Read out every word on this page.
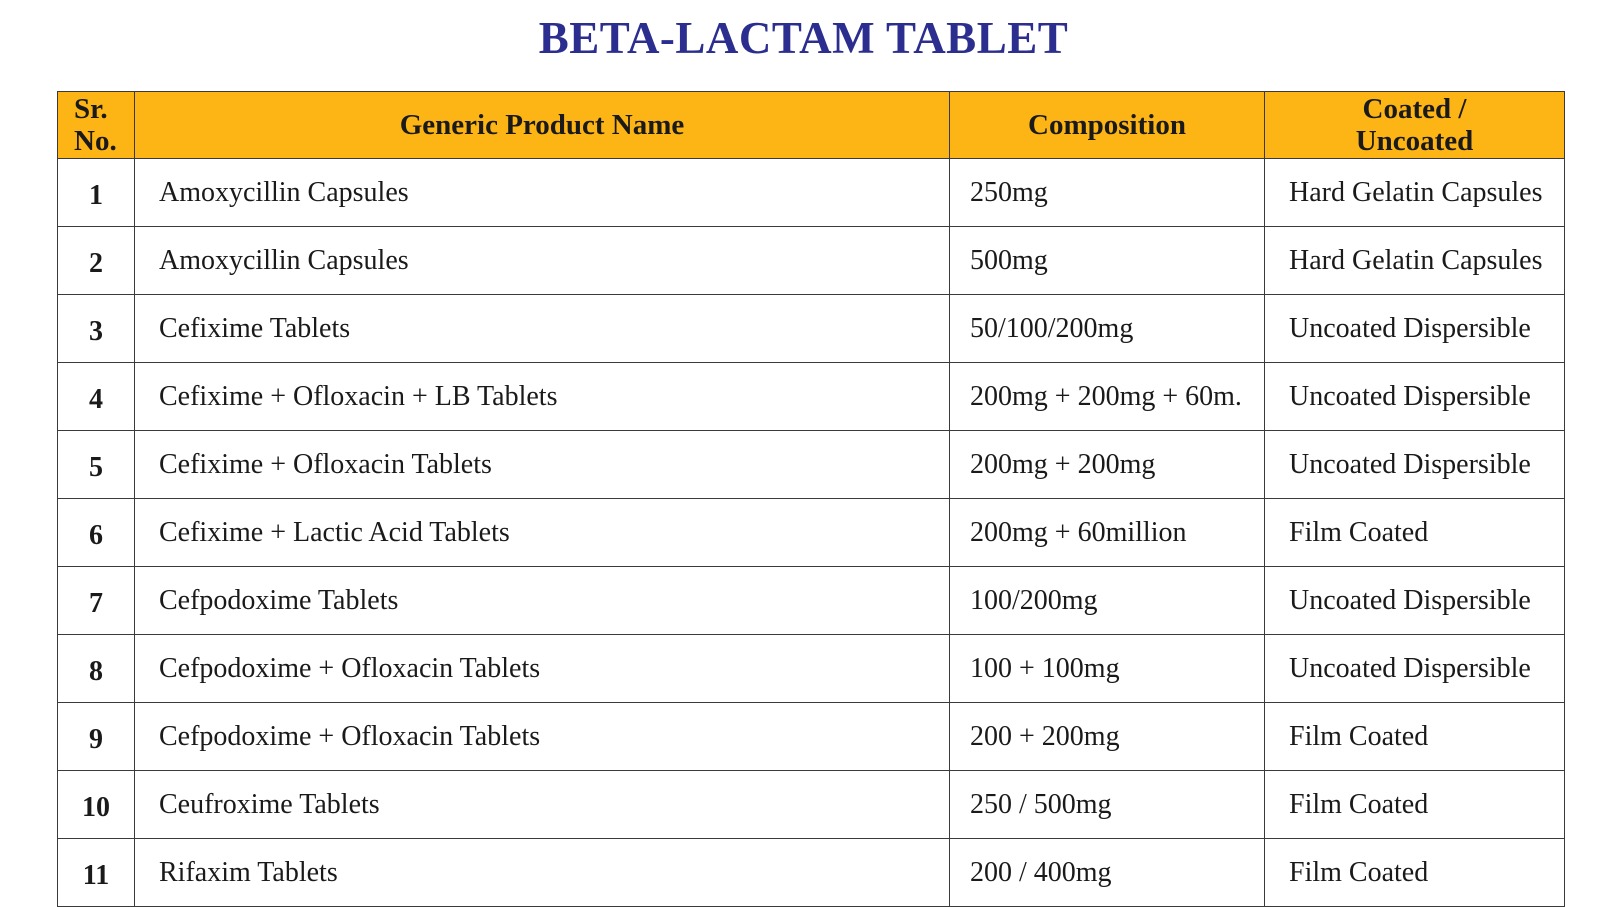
BETA-LACTAM TABLET
Sr.
No.	Generic Product Name	Composition	Coated /
Uncoated
1	Amoxycillin Capsules	250mg	Hard Gelatin Capsules
2	Amoxycillin Capsules	500mg	Hard Gelatin Capsules
3	Cefixime Tablets	50/100/200mg	Uncoated Dispersible
4	Cefixime + Ofloxacin + LB Tablets	200mg + 200mg + 60m.	Uncoated Dispersible
5	Cefixime + Ofloxacin Tablets	200mg + 200mg	Uncoated Dispersible
6	Cefixime + Lactic Acid Tablets	200mg + 60million	Film Coated
7	Cefpodoxime Tablets	100/200mg	Uncoated Dispersible
8	Cefpodoxime + Ofloxacin Tablets	100 + 100mg	Uncoated Dispersible
9	Cefpodoxime + Ofloxacin Tablets	200 + 200mg	Film Coated
10	Ceufroxime Tablets	250 / 500mg	Film Coated
11	Rifaxim Tablets	200 / 400mg	Film Coated
